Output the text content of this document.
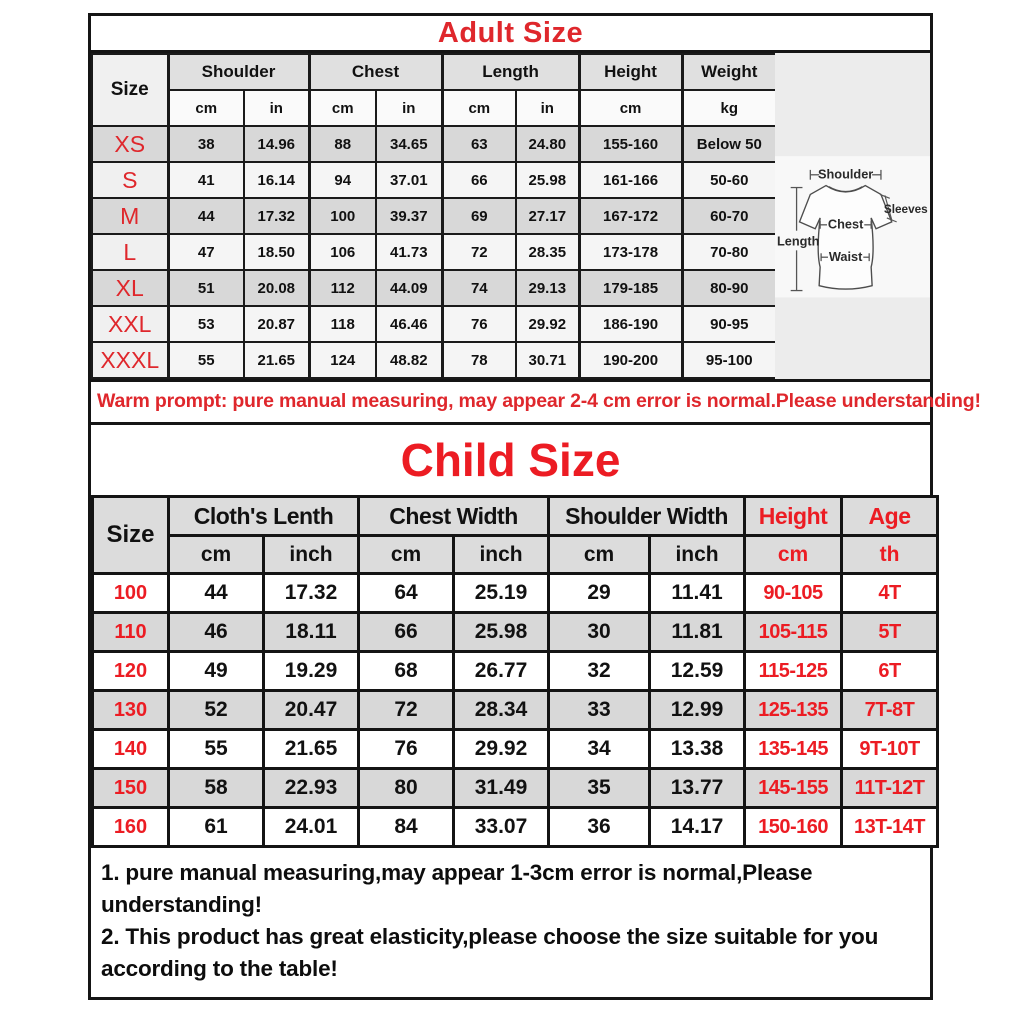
Adult Size
Size	Shoulder		Chest		Length		Height	Weight
	cm	in	cm	in	cm	in	cm	kg
XS	38	14.96	88	34.65	63	24.80	155-160	Below 50
S	41	16.14	94	37.01	66	25.98	161-166	50-60
M	44	17.32	100	39.37	69	27.17	167-172	60-70
L	47	18.50	106	41.73	72	28.35	173-178	70-80
XL	51	20.08	112	44.09	74	29.13	179-185	80-90
XXL	53	20.87	118	46.46	76	29.92	186-190	90-95
XXXL	55	21.65	124	48.82	78	30.71	190-200	95-100
Shoulder
Length
Chest
Waist
Sleeves
Warm prompt: pure manual measuring, may appear 2-4 cm error is normal.Please understanding!
Child Size
Size	Cloth's Lenth		Chest Width		Shoulder Width		Height	Age
	cm	inch	cm	inch	cm	inch	cm	th
100	44	17.32	64	25.19	29	11.41	90-105	4T
110	46	18.11	66	25.98	30	11.81	105-115	5T
120	49	19.29	68	26.77	32	12.59	115-125	6T
130	52	20.47	72	28.34	33	12.99	125-135	7T-8T
140	55	21.65	76	29.92	34	13.38	135-145	9T-10T
150	58	22.93	80	31.49	35	13.77	145-155	11T-12T
160	61	24.01	84	33.07	36	14.17	150-160	13T-14T

1. pure manual measuring,may appear 1-3cm error is normal,Please understanding!

2. This product has great elasticity,please choose the size suitable for you according to the table!
